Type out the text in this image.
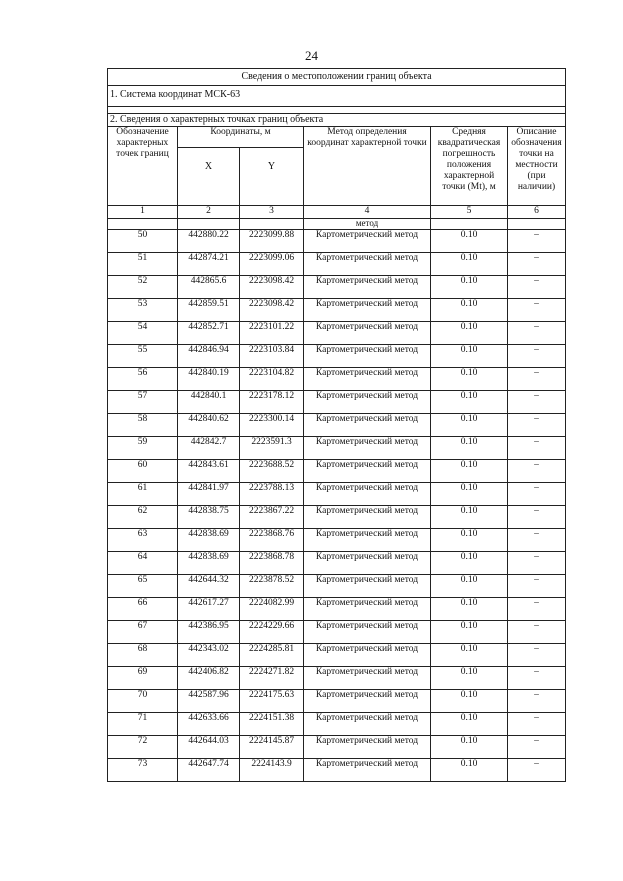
24
Сведения о местоположении границ объекта					
1. Система координат МСК-63					

2. Сведения о характерных точках границ объекта					
Обозначение характерных точек границ	Координаты, м		Метод определения координат характерной точки	Средняя квадратическая погрешность положения характерной точки (Mt), м	Описание обозначения точки на местности (при наличии)
	X	Y			
1	2	3	4	5	6
			метод		
50	442880.22	2223099.88	Картометрический метод	0.10	–
51	442874.21	2223099.06	Картометрический метод	0.10	–
52	442865.6	2223098.42	Картометрический метод	0.10	–
53	442859.51	2223098.42	Картометрический метод	0.10	–
54	442852.71	2223101.22	Картометрический метод	0.10	–
55	442846.94	2223103.84	Картометрический метод	0.10	–
56	442840.19	2223104.82	Картометрический метод	0.10	–
57	442840.1	2223178.12	Картометрический метод	0.10	–
58	442840.62	2223300.14	Картометрический метод	0.10	–
59	442842.7	2223591.3	Картометрический метод	0.10	–
60	442843.61	2223688.52	Картометрический метод	0.10	–
61	442841.97	2223788.13	Картометрический метод	0.10	–
62	442838.75	2223867.22	Картометрический метод	0.10	–
63	442838.69	2223868.76	Картометрический метод	0.10	–
64	442838.69	2223868.78	Картометрический метод	0.10	–
65	442644.32	2223878.52	Картометрический метод	0.10	–
66	442617.27	2224082.99	Картометрический метод	0.10	–
67	442386.95	2224229.66	Картометрический метод	0.10	–
68	442343.02	2224285.81	Картометрический метод	0.10	–
69	442406.82	2224271.82	Картометрический метод	0.10	–
70	442587.96	2224175.63	Картометрический метод	0.10	–
71	442633.66	2224151.38	Картометрический метод	0.10	–
72	442644.03	2224145.87	Картометрический метод	0.10	–
73	442647.74	2224143.9	Картометрический метод	0.10	–
